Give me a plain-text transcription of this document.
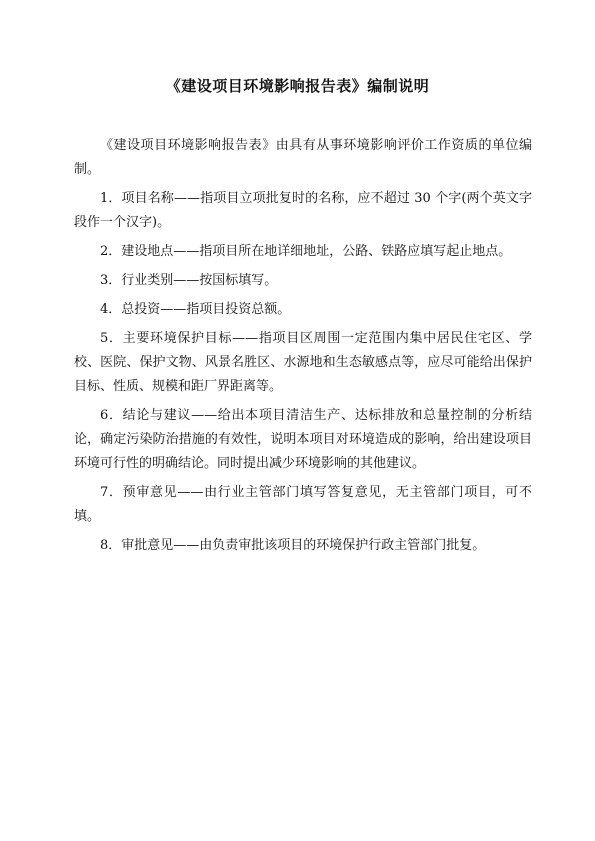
《建设项目环境影响报告表》编制说明

《建设项目环境影响报告表》由具有从事环境影响评价工作资质的单位编制。

1．项目名称——指项目立项批复时的名称，应不超过 30 个字(两个英文字段作一个汉字)。

2．建设地点——指项目所在地详细地址，公路、铁路应填写起止地点。

3．行业类别——按国标填写。

4．总投资——指项目投资总额。

5．主要环境保护目标——指项目区周围一定范围内集中居民住宅区、学校、医院、保护文物、风景名胜区、水源地和生态敏感点等，应尽可能给出保护目标、性质、规模和距厂界距离等。

6．结论与建议——给出本项目清洁生产、达标排放和总量控制的分析结论，确定污染防治措施的有效性，说明本项目对环境造成的影响，给出建设项目环境可行性的明确结论。同时提出减少环境影响的其他建议。

7．预审意见——由行业主管部门填写答复意见，无主管部门项目，可不填。

8．审批意见——由负责审批该项目的环境保护行政主管部门批复。
